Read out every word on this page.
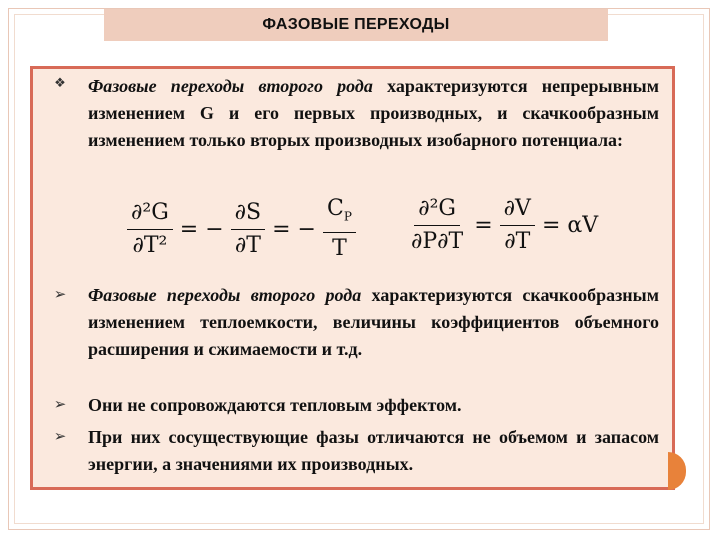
ФАЗОВЫЕ ПЕРЕХОДЫ
❖ Фазовые переходы второго рода характеризуются непрерывным изменением G и его первых производных, и скачкообразным изменением только вторых производных изобарного потенциала:

$\frac{\text{∂²G}}{\text{∂T²}}$ = − $\frac{\partial S}{\partial T}$ = − $\frac{C_P}{T} \frac{\text{∂²G}}{\partial P\partial T} = \frac{\partial V}{\partial T} = \alpha V$
➢ Фазовые переходы второго рода характеризуются скачкообразным изменением теплоемкости, величины коэффициентов объемного расширения и сжимаемости и т.д.

➢ Они не сопровождаются тепловым эффектом.

➢ При них сосуществующие фазы отличаются не объемом и запасом энергии, а значениями их производных.
